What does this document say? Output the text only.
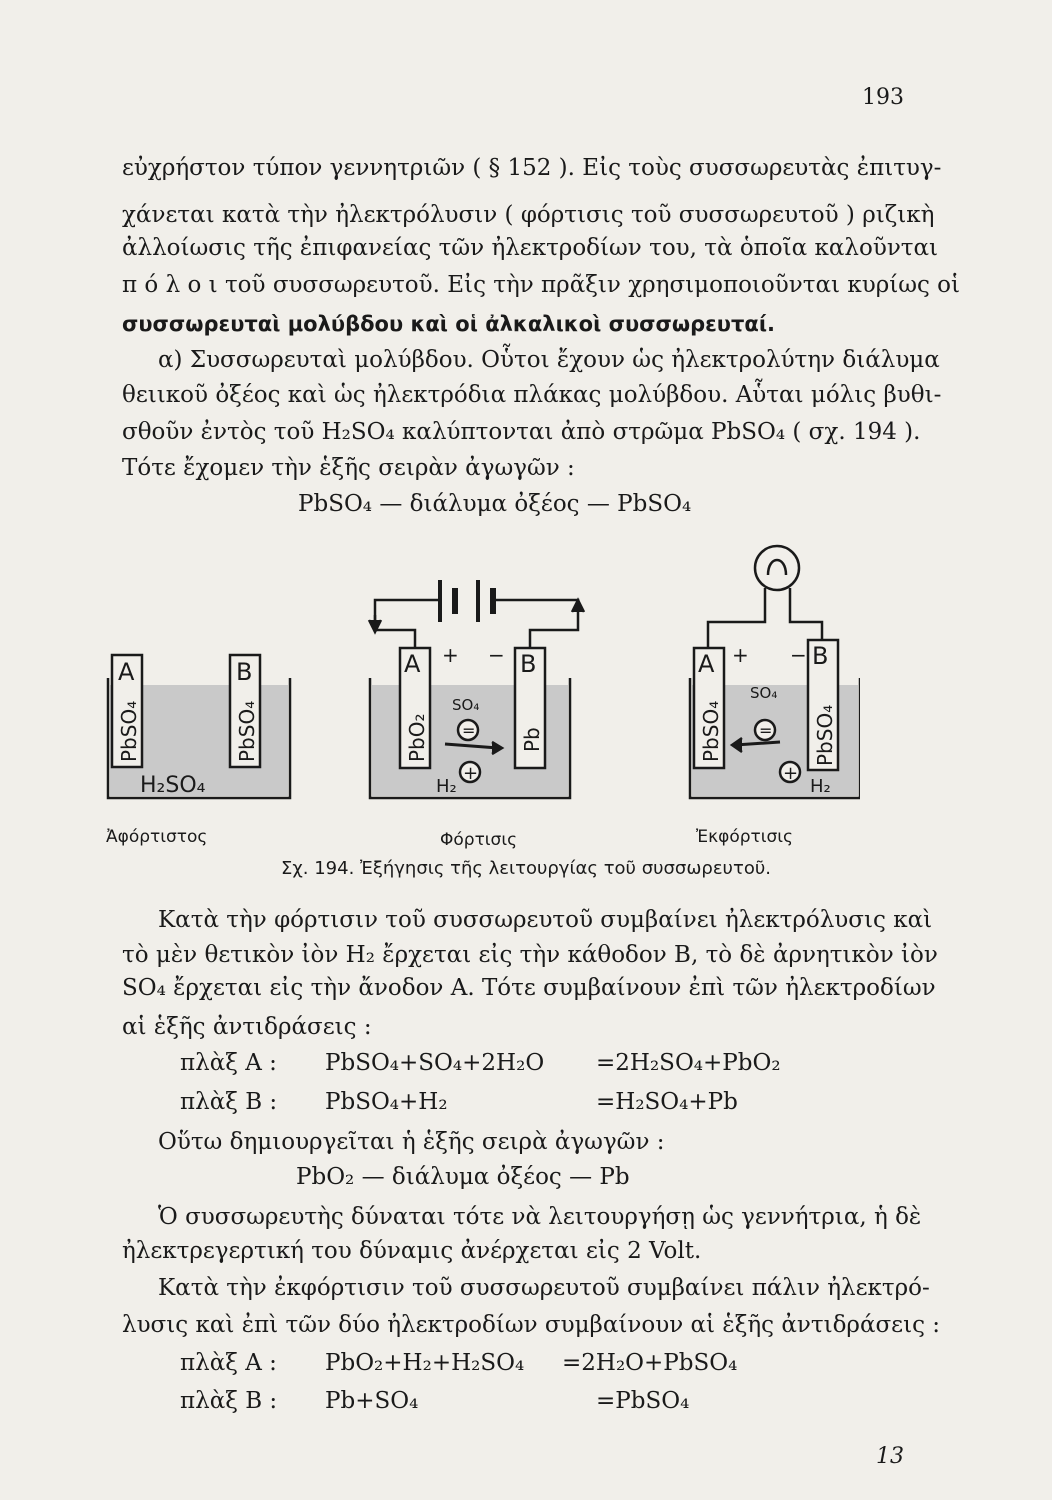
193
εὐχρήστον τύπον γεννητριῶν ( § 152 ). Εἰς τοὺς συσσωρευτὰς ἐπιτυγ-
χάνεται κατὰ τὴν ἠλεκτρόλυσιν ( φόρτισις τοῦ συσσωρευτοῦ ) ριζικὴ
ἀλλοίωσις τῆς ἐπιφανείας τῶν ἠλεκτροδίων του, τὰ ὁποῖα καλοῦνται
π ό λ ο ι τοῦ συσσωρευτοῦ. Εἰς τὴν πρᾶξιν χρησιμοποιοῦνται κυρίως οἱ
συσσωρευταὶ μολύβδου καὶ οἱ ἀλκαλικοὶ συσσωρευταί.
α) Συσσωρευταὶ μολύβδου. Οὗτοι ἔχουν ὡς ἠλεκτρολύτην διάλυμα
θειικοῦ ὀξέος καὶ ὡς ἠλεκτρόδια πλάκας μολύβδου. Αὗται μόλις βυθι-
σθοῦν ἐντὸς τοῦ H₂SO₄ καλύπτονται ἀπὸ στρῶμα PbSO₄ ( σχ. 194 ).
Τότε ἔχομεν τὴν ἑξῆς σειρὰν ἀγωγῶν :
PbSO₄ — διάλυμα ὀξέος — PbSO₄
A	B
PbSO₄	PbSO₄
H₂SO₄
A	B
+ −
PbO₂	Pb
SO₄
=
+
H₂
A	B
+ −
PbSO₄	PbSO₄
SO₄
=
+
H₂
Ἀφόρτιστος	Φόρτισις	Ἐκφόρτισις
Σχ. 194. Ἐξήγησις τῆς λειτουργίας τοῦ συσσωρευτοῦ.
Κατὰ τὴν φόρτισιν τοῦ συσσωρευτοῦ συμβαίνει ἠλεκτρόλυσις καὶ
τὸ μὲν θετικὸν ἰὸν H₂ ἔρχεται εἰς τὴν κάθοδον B, τὸ δὲ ἀρνητικὸν ἰὸν
SO₄ ἔρχεται εἰς τὴν ἄνοδον A. Τότε συμβαίνουν ἐπὶ τῶν ἠλεκτροδίων
αἱ ἑξῆς ἀντιδράσεις :
πλὰξ A : PbSO₄+SO₄+2H₂O =2H₂SO₄+PbO₂
πλὰξ B : PbSO₄+H₂	=H₂SO₄+Pb
Οὕτω δημιουργεῖται ἡ ἑξῆς σειρὰ ἀγωγῶν :
PbO₂ — διάλυμα ὀξέος — Pb
Ὁ συσσωρευτὴς δύναται τότε νὰ λειτουργήσῃ ὡς γεννήτρια, ἡ δὲ
ἠλεκτρεγερτική του δύναμις ἀνέρχεται εἰς 2 Volt.
Κατὰ τὴν ἐκφόρτισιν τοῦ συσσωρευτοῦ συμβαίνει πάλιν ἠλεκτρό-
λυσις καὶ ἐπὶ τῶν δύο ἠλεκτροδίων συμβαίνουν αἱ ἑξῆς ἀντιδράσεις :
πλὰξ A : PbO₂+H₂+H₂SO₄ =2H₂O+PbSO₄
πλὰξ B : Pb+SO₄	=PbSO₄
13
